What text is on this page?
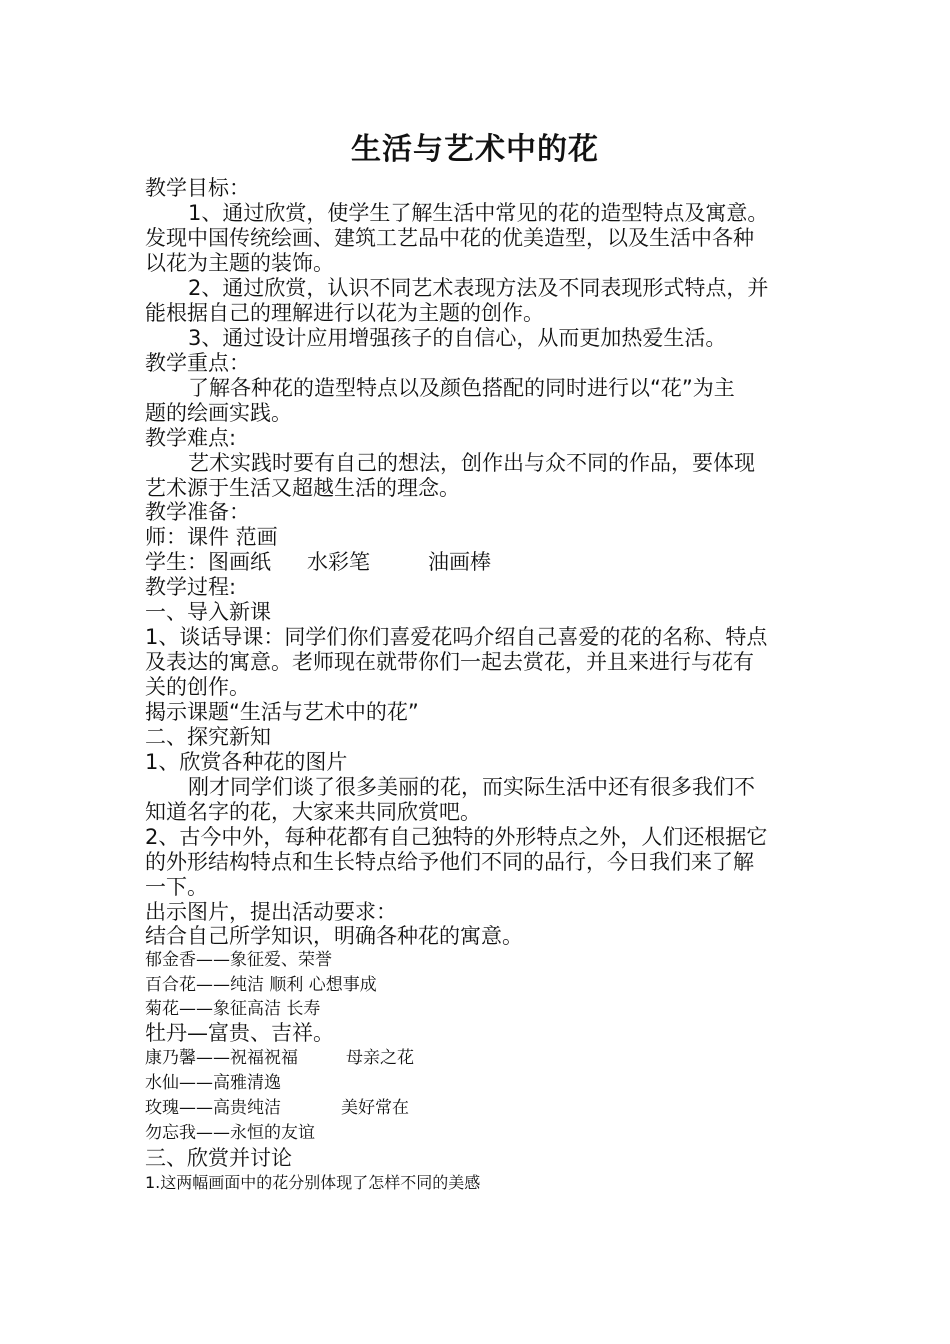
生活与艺术中的花
教学目标：
1、通过欣赏，使学生了解生活中常见的花的造型特点及寓意。
发现中国传统绘画、建筑工艺品中花的优美造型，以及生活中各种
以花为主题的装饰。
2、通过欣赏，认识不同艺术表现方法及不同表现形式特点，并
能根据自己的理解进行以花为主题的创作。
3、通过设计应用增强孩子的自信心，从而更加热爱生活。
教学重点：
了解各种花的造型特点以及颜色搭配的同时进行以“花”为主
题的绘画实践。
教学难点:
艺术实践时要有自己的想法，创作出与众不同的作品，要体现
艺术源于生活又超越生活的理念。
教学准备：
师：课件 范画
学生：图画纸 水彩笔	油画棒
教学过程:
一、导入新课
1、谈话导课：同学们你们喜爱花吗介绍自己喜爱的花的名称、特点
及表达的寓意。老师现在就带你们一起去赏花，并且来进行与花有
关的创作。
揭示课题“生活与艺术中的花”
二、探究新知
1、欣赏各种花的图片
刚才同学们谈了很多美丽的花，而实际生活中还有很多我们不
知道名字的花，大家来共同欣赏吧。
2、古今中外，每种花都有自己独特的外形特点之外，人们还根据它
的外形结构特点和生长特点给予他们不同的品行，今日我们来了解
一下。
出示图片，提出活动要求：
结合自己所学知识，明确各种花的寓意。
郁金香——象征爱、荣誉
百合花——纯洁 顺利 心想事成
菊花——象征高洁 长寿
牡丹—富贵、吉祥。
康乃馨——祝福祝福	母亲之花
水仙——高雅清逸
玫瑰——高贵纯洁	美好常在
勿忘我——永恒的友谊
三、欣赏并讨论
1.这两幅画面中的花分别体现了怎样不同的美感
